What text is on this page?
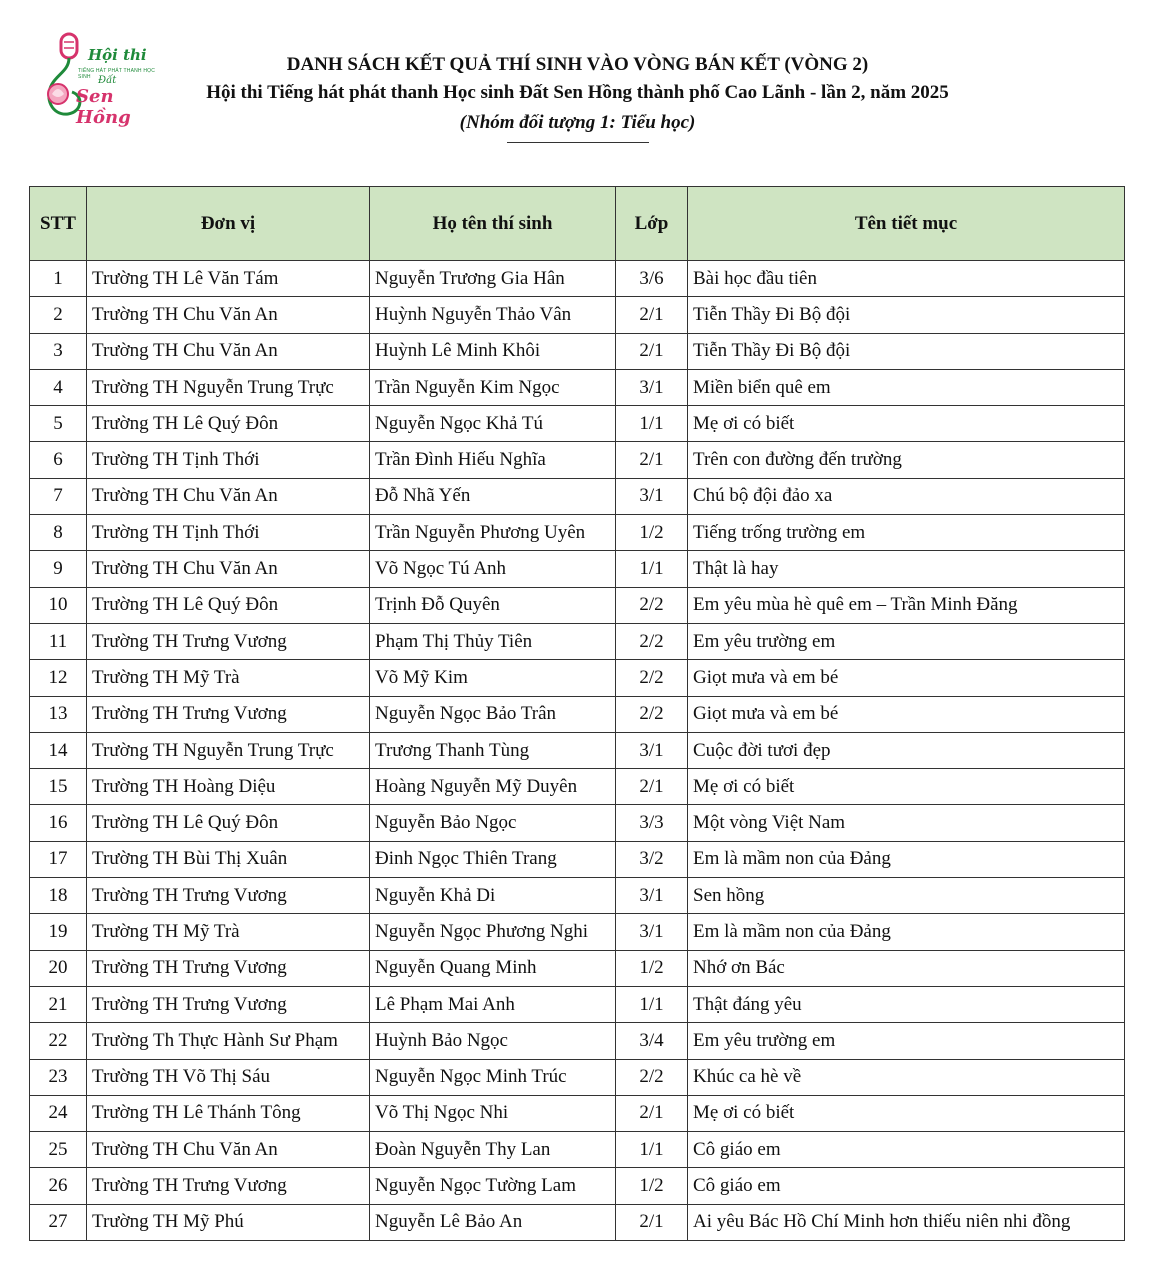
Hội thi
TIẾNG HÁT PHÁT THANH HỌC SINH Đất
Sen Hồng
DANH SÁCH KẾT QUẢ THÍ SINH VÀO VÒNG BÁN KẾT (VÒNG 2)
Hội thi Tiếng hát phát thanh Học sinh Đất Sen Hồng thành phố Cao Lãnh - lần 2, năm 2025
(Nhóm đối tượng 1: Tiểu học)
STT	Đơn vị	Họ tên thí sinh	Lớp	Tên tiết mục
1	Trường TH Lê Văn Tám	Nguyễn Trương Gia Hân	3/6	Bài học đầu tiên
2	Trường TH Chu Văn An	Huỳnh Nguyễn Thảo Vân	2/1	Tiễn Thầy Đi Bộ đội
3	Trường TH Chu Văn An	Huỳnh Lê Minh Khôi	2/1	Tiễn Thầy Đi Bộ đội
4	Trường TH Nguyễn Trung Trực	Trần Nguyễn Kim Ngọc	3/1	Miền biển quê em
5	Trường TH Lê Quý Đôn	Nguyễn Ngọc Khả Tú	1/1	Mẹ ơi có biết
6	Trường TH Tịnh Thới	Trần Đình Hiếu Nghĩa	2/1	Trên con đường đến trường
7	Trường TH Chu Văn An	Đỗ Nhã Yến	3/1	Chú bộ đội đảo xa
8	Trường TH Tịnh Thới	Trần Nguyễn Phương Uyên	1/2	Tiếng trống trường em
9	Trường TH Chu Văn An	Võ Ngọc Tú Anh	1/1	Thật là hay
10	Trường TH Lê Quý Đôn	Trịnh Đỗ Quyên	2/2	Em yêu mùa hè quê em – Trần Minh Đăng
11	Trường TH Trưng Vương	Phạm Thị Thủy Tiên	2/2	Em yêu trường em
12	Trường TH Mỹ Trà	Võ Mỹ Kim	2/2	Giọt mưa và em bé
13	Trường TH Trưng Vương	Nguyễn Ngọc Bảo Trân	2/2	Giọt mưa và em bé
14	Trường TH Nguyễn Trung Trực	Trương Thanh Tùng	3/1	Cuộc đời tươi đẹp
15	Trường TH Hoàng Diệu	Hoàng Nguyễn Mỹ Duyên	2/1	Mẹ ơi có biết
16	Trường TH Lê Quý Đôn	Nguyễn Bảo Ngọc	3/3	Một vòng Việt Nam
17	Trường TH Bùi Thị Xuân	Đinh Ngọc Thiên Trang	3/2	Em là mầm non của Đảng
18	Trường TH Trưng Vương	Nguyễn Khả Di	3/1	Sen hồng
19	Trường TH Mỹ Trà	Nguyễn Ngọc Phương Nghi	3/1	Em là mầm non của Đảng
20	Trường TH Trưng Vương	Nguyễn Quang Minh	1/2	Nhớ ơn Bác
21	Trường TH Trưng Vương	Lê Phạm Mai Anh	1/1	Thật đáng yêu
22	Trường Th Thực Hành Sư Phạm	Huỳnh Bảo Ngọc	3/4	Em yêu trường em
23	Trường TH Võ Thị Sáu	Nguyễn Ngọc Minh Trúc	2/2	Khúc ca hè về
24	Trường TH Lê Thánh Tông	Võ Thị Ngọc Nhi	2/1	Mẹ ơi có biết
25	Trường TH Chu Văn An	Đoàn Nguyễn Thy Lan	1/1	Cô giáo em
26	Trường TH Trưng Vương	Nguyễn Ngọc Tường Lam	1/2	Cô giáo em
27	Trường TH Mỹ Phú	Nguyễn Lê Bảo An	2/1	Ai yêu Bác Hồ Chí Minh hơn thiếu niên nhi đồng
